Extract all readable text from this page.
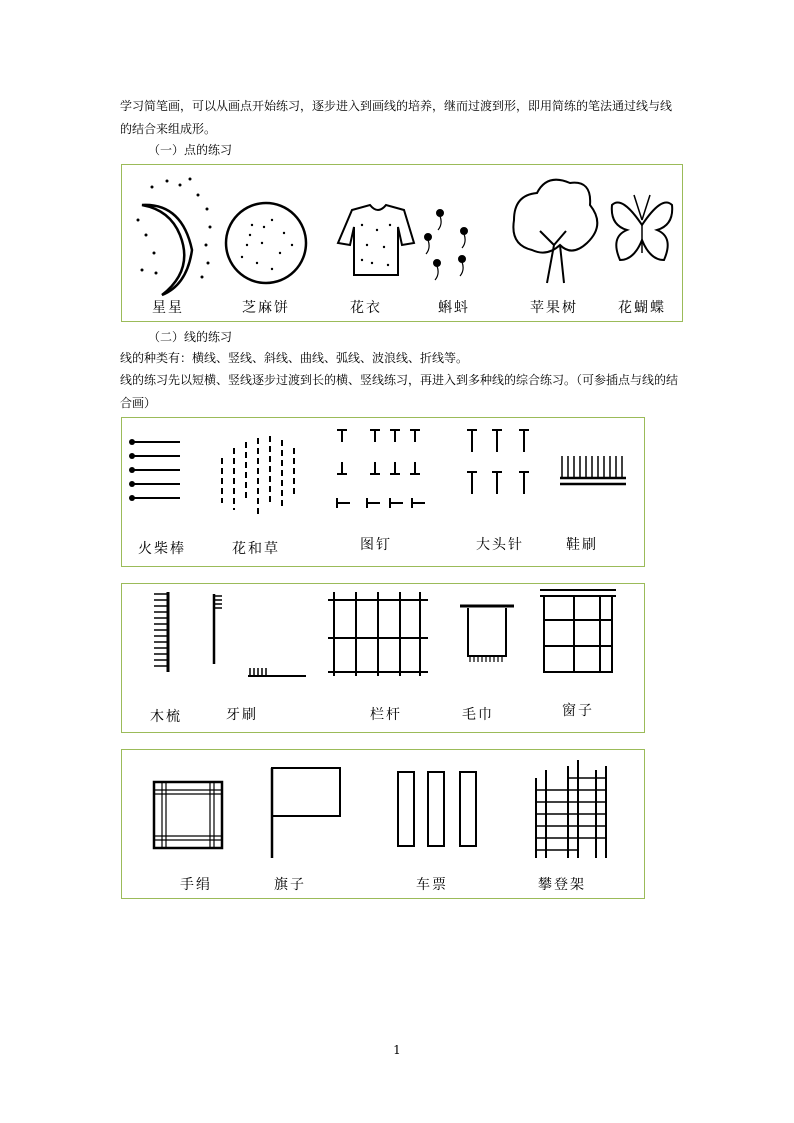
学习简笔画，可以从画点开始练习，逐步进入到画线的培养，继而过渡到形，即用简练的笔法通过线与线的结合来组成形。
（一）点的练习
星星	芝麻饼	花衣	蝌蚪	苹果树	花蝴蝶
（二）线的练习
线的种类有：横线、竖线、斜线、曲线、弧线、波浪线、折线等。
线的练习先以短横、竖线逐步过渡到长的横、竖线练习，再进入到多种线的综合练习。（可参插点与线的结合画）
火柴棒	花和草	图钉	大头针	鞋刷
木梳	牙刷	栏杆	毛巾	窗子
手绢	旗子	车票	攀登架
1
